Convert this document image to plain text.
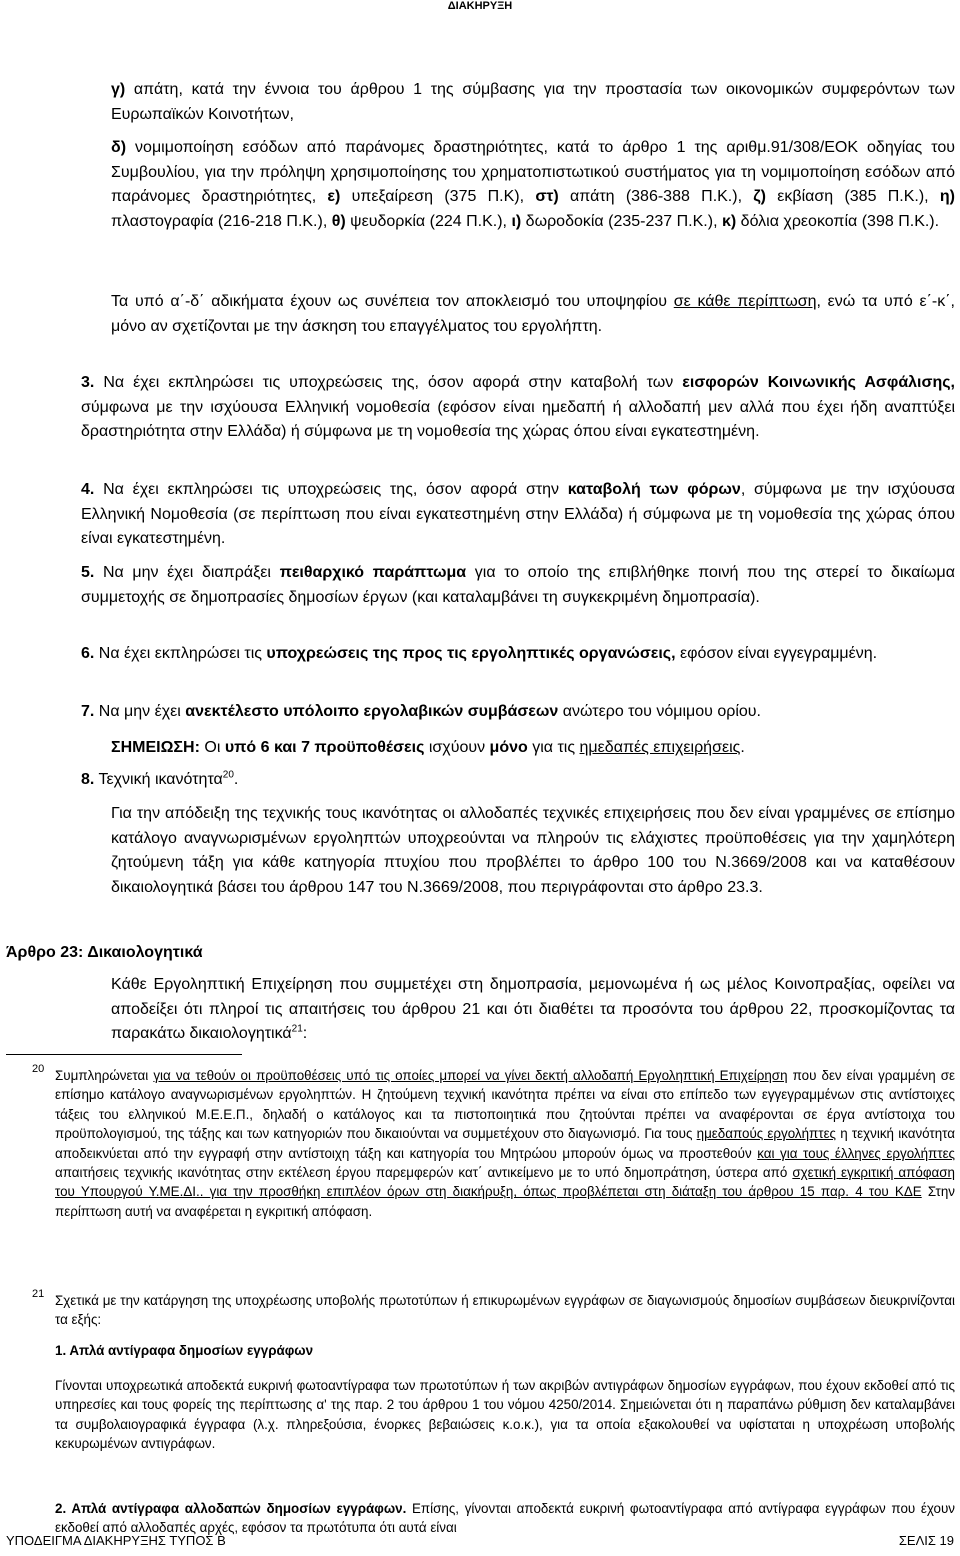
ΔΙΑΚΗΡΥΞΗ
γ) απάτη, κατά την έννοια του άρθρου 1 της σύμβασης για την προστασία των οικονομικών συμφερόντων των Ευρωπαϊκών Κοινοτήτων,
δ) νομιμοποίηση εσόδων από παράνομες δραστηριότητες, κατά το άρθρο 1 της αριθμ.91/308/ΕΟΚ οδηγίας του Συμβουλίου, για την πρόληψη χρησιμοποίησης του χρηματοπιστωτικού συστήματος για τη νομιμοποίηση εσόδων από παράνομες δραστηριότητες, ε) υπεξαίρεση (375 Π.Κ), στ) απάτη (386-388 Π.Κ.), ζ) εκβίαση (385 Π.Κ.), η) πλαστογραφία (216-218 Π.Κ.), θ) ψευδορκία (224 Π.Κ.), ι) δωροδοκία (235-237 Π.Κ.), κ) δόλια χρεοκοπία (398 Π.Κ.).
Τα υπό α΄-δ΄ αδικήματα έχουν ως συνέπεια τον αποκλεισμό του υποψηφίου σε κάθε περίπτωση, ενώ τα υπό ε΄-κ΄, μόνο αν σχετίζονται με την άσκηση του επαγγέλματος του εργολήπτη.
3. Να έχει εκπληρώσει τις υποχρεώσεις της, όσον αφορά στην καταβολή των εισφορών Κοινωνικής Ασφάλισης, σύμφωνα με την ισχύουσα Ελληνική νομοθεσία (εφόσον είναι ημεδαπή ή αλλοδαπή μεν αλλά που έχει ήδη αναπτύξει δραστηριότητα στην Ελλάδα) ή σύμφωνα με τη νομοθεσία της χώρας όπου είναι εγκατεστημένη.
4. Να έχει εκπληρώσει τις υποχρεώσεις της, όσον αφορά στην καταβολή των φόρων, σύμφωνα με την ισχύουσα Ελληνική Νομοθεσία (σε περίπτωση που είναι εγκατεστημένη στην Ελλάδα) ή σύμφωνα με τη νομοθεσία της χώρας όπου είναι εγκατεστημένη.
5. Να μην έχει διαπράξει πειθαρχικό παράπτωμα για το οποίο της επιβλήθηκε ποινή που της στερεί το δικαίωμα συμμετοχής σε δημοπρασίες δημοσίων έργων (και καταλαμβάνει τη συγκεκριμένη δημοπρασία).
6. Να έχει εκπληρώσει τις υποχρεώσεις της προς τις εργοληπτικές οργανώσεις, εφόσον είναι εγγεγραμμένη.
7. Να μην έχει ανεκτέλεστο υπόλοιπο εργολαβικών συμβάσεων ανώτερο του νόμιμου ορίου.
ΣΗΜΕΙΩΣΗ: Οι υπό 6 και 7 προϋποθέσεις ισχύουν μόνο για τις ημεδαπές επιχειρήσεις.
8. Τεχνική ικανότητα$^{20}$.
Για την απόδειξη της τεχνικής τους ικανότητας οι αλλοδαπές τεχνικές επιχειρήσεις που δεν είναι γραμμένες σε επίσημο κατάλογο αναγνωρισμένων εργοληπτών υποχρεούνται να πληρούν τις ελάχιστες προϋποθέσεις για την χαμηλότερη ζητούμενη τάξη για κάθε κατηγορία πτυχίου που προβλέπει το άρθρο 100 του Ν.3669/2008 και να καταθέσουν δικαιολογητικά βάσει του άρθρου 147 του Ν.3669/2008, που περιγράφονται στο άρθρο 23.3.
Άρθρο 23: Δικαιολογητικά
Κάθε Εργοληπτική Επιχείρηση που συμμετέχει στη δημοπρασία, μεμονωμένα ή ως μέλος Κοινοπραξίας, οφείλει να αποδείξει ότι πληροί τις απαιτήσεις του άρθρου 21 και ότι διαθέτει τα προσόντα του άρθρου 22, προσκομίζοντας τα παρακάτω δικαιολογητικά$^{21}$:
20 Συμπληρώνεται για να τεθούν οι προϋποθέσεις υπό τις οποίες μπορεί να γίνει δεκτή αλλοδαπή Εργοληπτική Επιχείρηση που δεν είναι γραμμένη σε επίσημο κατάλογο αναγνωρισμένων εργοληπτών. Η ζητούμενη τεχνική ικανότητα πρέπει να είναι στο επίπεδο των εγγεγραμμένων στις αντίστοιχες τάξεις του ελληνικού Μ.Ε.Ε.Π., δηλαδή ο κατάλογος και τα πιστοποιητικά που ζητούνται πρέπει να αναφέρονται σε έργα αντίστοιχα του προϋπολογισμού, της τάξης και των κατηγοριών που δικαιούνται να συμμετέχουν στο διαγωνισμό. Για τους ημεδαπούς εργολήπτες η τεχνική ικανότητα αποδεικνύεται από την εγγραφή στην αντίστοιχη τάξη και κατηγορία του Μητρώου μπορούν όμως να προστεθούν και για τους έλληνες εργολήπτες απαιτήσεις τεχνικής ικανότητας στην εκτέλεση έργου παρεμφερών κατ΄ αντικείμενο με το υπό δημοπράτηση, ύστερα από σχετική εγκριτική απόφαση του Υπουργού Υ.ΜΕ.ΔΙ.. για την προσθήκη επιπλέον όρων στη διακήρυξη, όπως προβλέπεται στη διάταξη του άρθρου 15 παρ. 4 του ΚΔΕ Στην περίπτωση αυτή να αναφέρεται η εγκριτική απόφαση.
21 Σχετικά με την κατάργηση της υποχρέωσης υποβολής πρωτοτύπων ή επικυρωμένων εγγράφων σε διαγωνισμούς δημοσίων συμβάσεων διευκρινίζονται τα εξής:
1. Απλά αντίγραφα δημοσίων εγγράφων
Γίνονται υποχρεωτικά αποδεκτά ευκρινή φωτοαντίγραφα των πρωτοτύπων ή των ακριβών αντιγράφων δημοσίων εγγράφων, που έχουν εκδοθεί από τις υπηρεσίες και τους φορείς της περίπτωσης α' της παρ. 2 του άρθρου 1 του νόμου 4250/2014. Σημειώνεται ότι η παραπάνω ρύθμιση δεν καταλαμβάνει τα συμβολαιογραφικά έγγραφα (λ.χ. πληρεξούσια, ένορκες βεβαιώσεις κ.ο.κ.), για τα οποία εξακολουθεί να υφίσταται η υποχρέωση υποβολής κεκυρωμένων αντιγράφων.
2. Απλά αντίγραφα αλλοδαπών δημοσίων εγγράφων. Επίσης, γίνονται αποδεκτά ευκρινή φωτοαντίγραφα από αντίγραφα εγγράφων που έχουν εκδοθεί από αλλοδαπές αρχές, εφόσον τα πρωτότυπα ότι αυτά είναι
ΥΠΟΔΕΙΓΜΑ ΔΙΑΚΗΡΥΞΗΣ ΤΥΠΟΣ Β	ΣΕΛΙΣ 19
